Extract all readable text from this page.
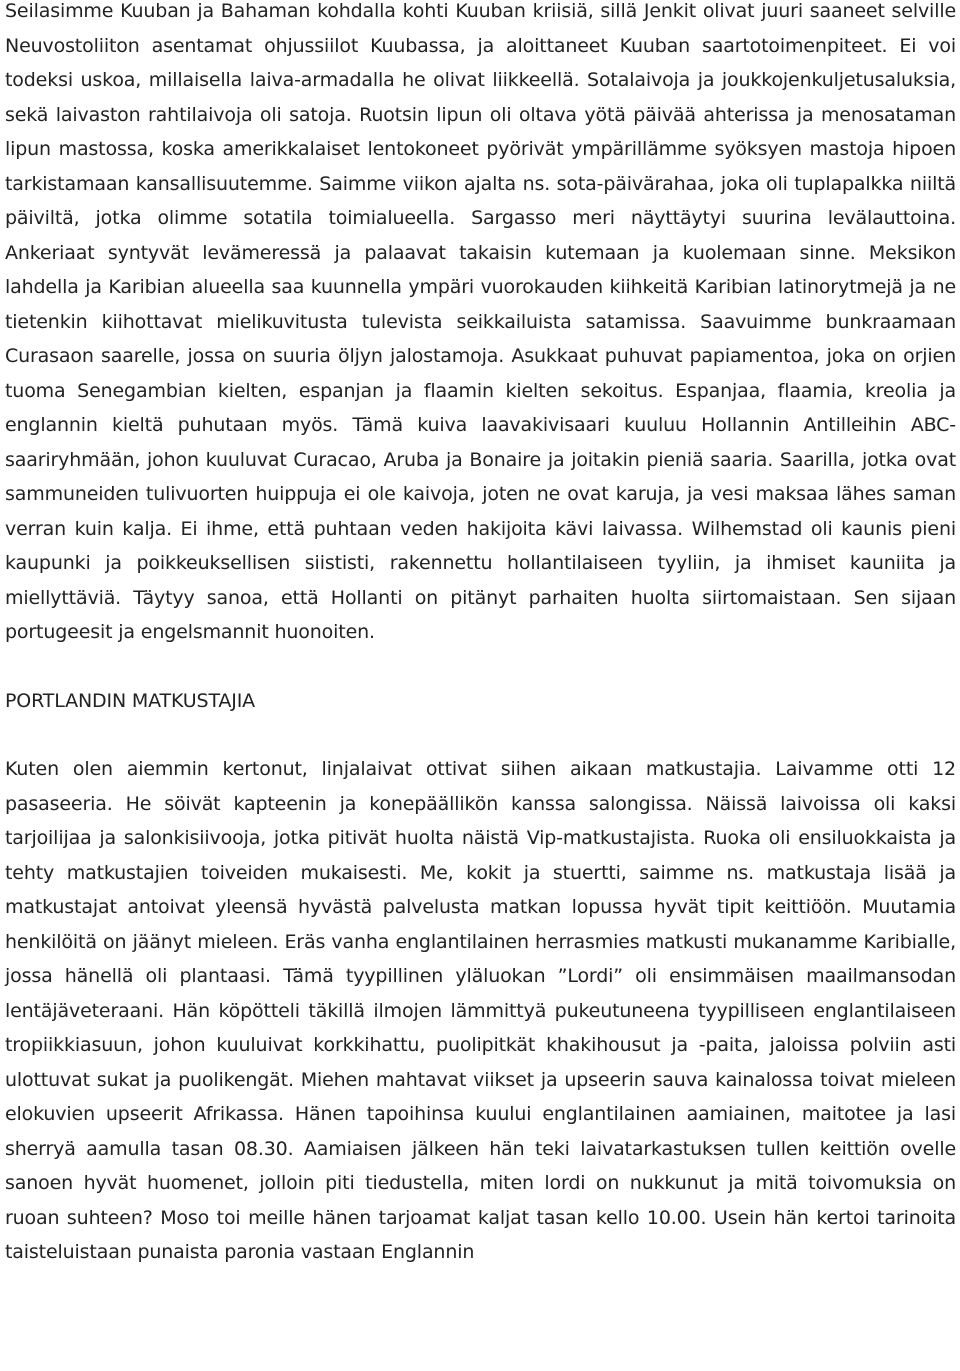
Seilasimme Kuuban ja Bahaman kohdalla kohti Kuuban kriisiä, sillä Jenkit olivat juuri saaneet selville Neuvostoliiton asentamat ohjussiilot Kuubassa, ja aloittaneet Kuuban saartotoimenpiteet. Ei voi todeksi uskoa, millaisella laiva-armadalla he olivat liikkeellä. Sotalaivoja ja joukkojenkuljetusaluksia, sekä laivaston rahtilaivoja oli satoja. Ruotsin lipun oli oltava yötä päivää ahterissa ja menosataman lipun mastossa, koska amerikkalaiset lentokoneet pyörivät ympärillämme syöksyen mastoja hipoen tarkistamaan kansallisuutemme. Saimme viikon ajalta ns. sota-päivärahaa, joka oli tuplapalkka niiltä päiviltä, jotka olimme sotatila toimialueella. Sargasso meri näyttäytyi suurina levälauttoina. Ankeriaat syntyvät levämeressä ja palaavat takaisin kutemaan ja kuolemaan sinne. Meksikon lahdella ja Karibian alueella saa kuunnella ympäri vuorokauden kiihkeitä Karibian latinorytmejä ja ne tietenkin kiihottavat mielikuvitusta tulevista seikkailuista satamissa. Saavuimme bunkraamaan Curasaon saarelle, jossa on suuria öljyn jalostamoja. Asukkaat puhuvat papiamentoa, joka on orjien tuoma Senegambian kielten, espanjan ja flaamin kielten sekoitus. Espanjaa, flaamia, kreolia ja englannin kieltä puhutaan myös. Tämä kuiva laavakivisaari kuuluu Hollannin Antilleihin ABC-saariryhmään, johon kuuluvat Curacao, Aruba ja Bonaire ja joitakin pieniä saaria. Saarilla, jotka ovat sammuneiden tulivuorten huippuja ei ole kaivoja, joten ne ovat karuja, ja vesi maksaa lähes saman verran kuin kalja. Ei ihme, että puhtaan veden hakijoita kävi laivassa. Wilhemstad oli kaunis pieni kaupunki ja poikkeuksellisen siististi, rakennettu hollantilaiseen tyyliin, ja ihmiset kauniita ja miellyttäviä. Täytyy sanoa, että Hollanti on pitänyt parhaiten huolta siirtomaistaan. Sen sijaan portugeesit ja engelsmannit huonoiten.

PORTLANDIN MATKUSTAJIA

Kuten olen aiemmin kertonut, linjalaivat ottivat siihen aikaan matkustajia. Laivamme otti 12 pasaseeria. He söivät kapteenin ja konepäällikön kanssa salongissa. Näissä laivoissa oli kaksi tarjoilijaa ja salonkisiivooja, jotka pitivät huolta näistä Vip-matkustajista. Ruoka oli ensiluokkaista ja tehty matkustajien toiveiden mukaisesti. Me, kokit ja stuertti, saimme ns. matkustaja lisää ja matkustajat antoivat yleensä hyvästä palvelusta matkan lopussa hyvät tipit keittiöön. Muutamia henkilöitä on jäänyt mieleen. Eräs vanha englantilainen herrasmies matkusti mukanamme Karibialle, jossa hänellä oli plantaasi. Tämä tyypillinen yläluokan ”Lordi” oli ensimmäisen maailmansodan lentäjäveteraani. Hän köpötteli täkillä ilmojen lämmittyä pukeutuneena tyypilliseen englantilaiseen tropiikkiasuun, johon kuuluivat korkkihattu, puolipitkät khakihousut ja -paita, jaloissa polviin asti ulottuvat sukat ja puolikengät. Miehen mahtavat viikset ja upseerin sauva kainalossa toivat mieleen elokuvien upseerit Afrikassa. Hänen tapoihinsa kuului englantilainen aamiainen, maitotee ja lasi sherryä aamulla tasan 08.30. Aamiaisen jälkeen hän teki laivatarkastuksen tullen keittiön ovelle sanoen hyvät huomenet, jolloin piti tiedustella, miten lordi on nukkunut ja mitä toivomuksia on ruoan suhteen? Moso toi meille hänen tarjoamat kaljat tasan kello 10.00. Usein hän kertoi tarinoita taisteluistaan punaista paronia vastaan Englannin
